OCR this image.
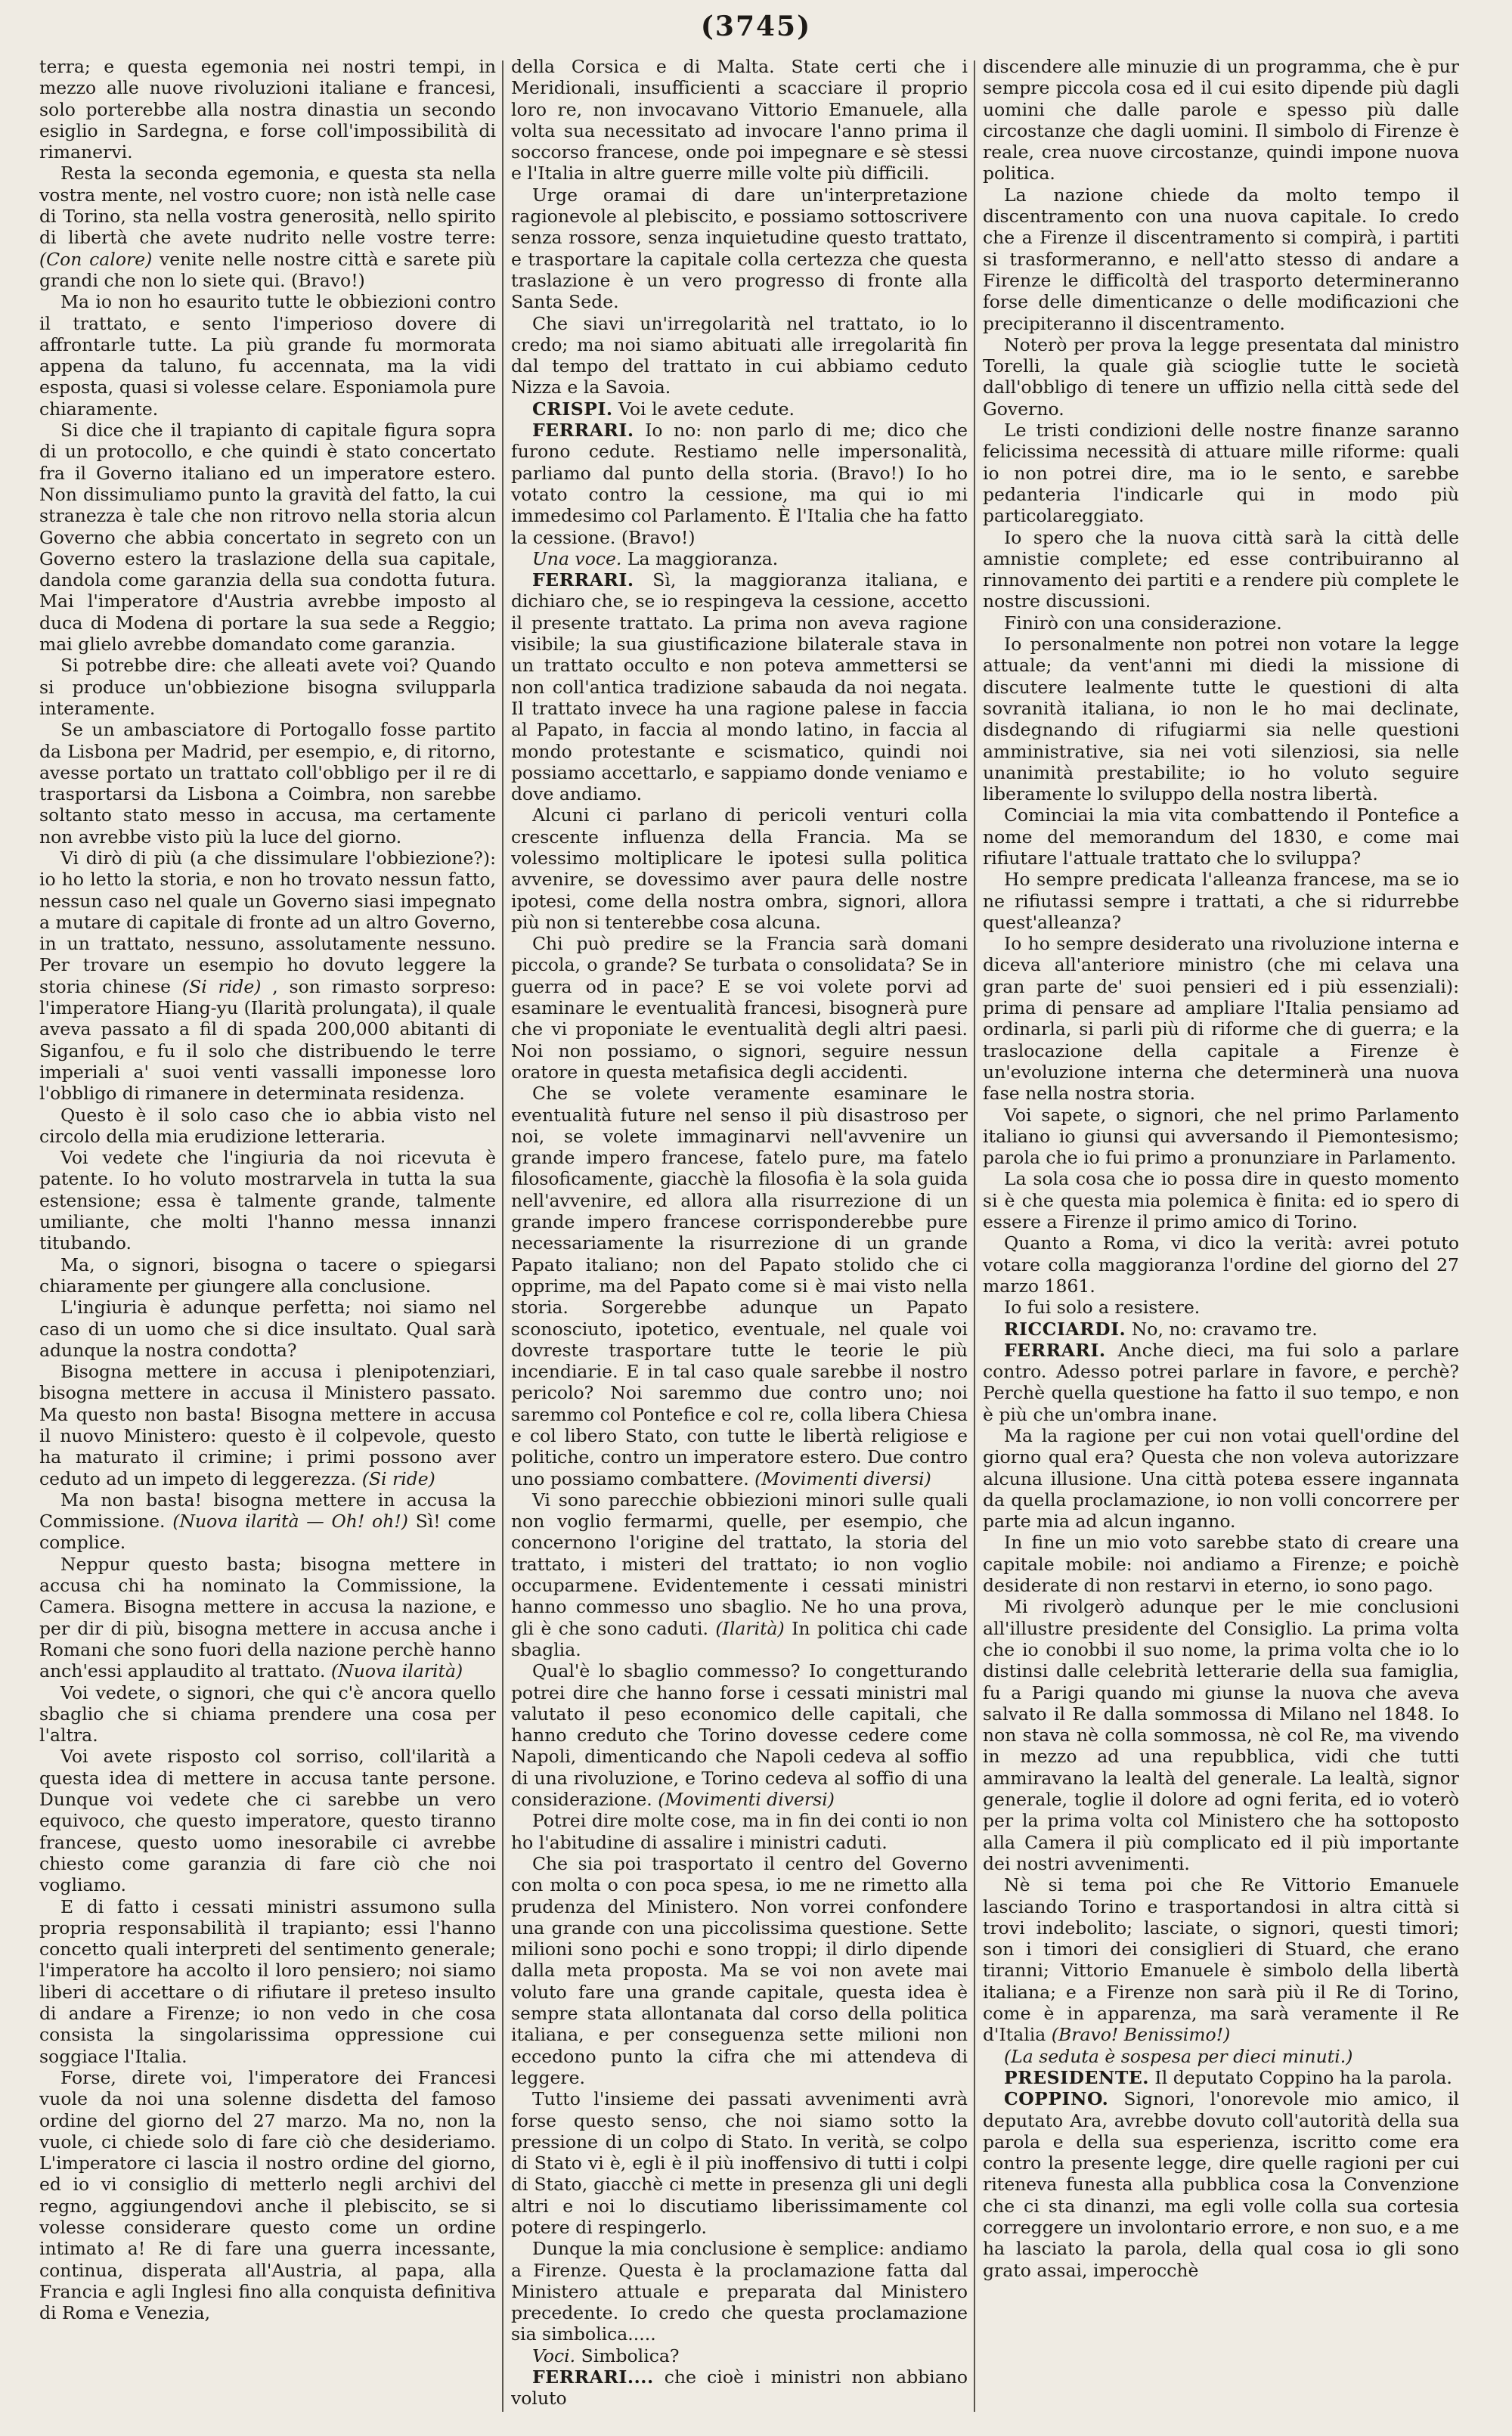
(3745)

terra; e questa egemonia nei nostri tempi, in mezzo alle nuove rivoluzioni italiane e francesi, solo porterebbe alla nostra dinastia un secondo esiglio in Sardegna, e forse coll'impossibilità di rimanervi.

Resta la seconda egemonia, e questa sta nella vostra mente, nel vostro cuore; non istà nelle case di Torino, sta nella vostra generosità, nello spirito di libertà che avete nudrito nelle vostre terre: (Con calore) venite nelle nostre città e sarete più grandi che non lo siete qui. (Bravo!)

Ma io non ho esaurito tutte le obbiezioni contro il trattato, e sento l'imperioso dovere di affrontarle tutte. La più grande fu mormorata appena da taluno, fu accennata, ma la vidi esposta, quasi si volesse celare. Esponiamola pure chiaramente.

Si dice che il trapianto di capitale figura sopra di un protocollo, e che quindi è stato concertato fra il Governo italiano ed un imperatore estero. Non dissimuliamo punto la gravità del fatto, la cui stranezza è tale che non ritrovo nella storia alcun Governo che abbia concertato in segreto con un Governo estero la traslazione della sua capitale, dandola come garanzia della sua condotta futura. Mai l'imperatore d'Austria avrebbe imposto al duca di Modena di portare la sua sede a Reggio; mai glielo avrebbe domandato come garanzia.

Si potrebbe dire: che alleati avete voi? Quando si produce un'obbiezione bisogna svilupparla interamente.

Se un ambasciatore di Portogallo fosse partito da Lisbona per Madrid, per esempio, e, di ritorno, avesse portato un trattato coll'obbligo per il re di trasportarsi da Lisbona a Coimbra, non sarebbe soltanto stato messo in accusa, ma certamente non avrebbe visto più la luce del giorno.

Vi dirò di più (a che dissimulare l'obbiezione?): io ho letto la storia, e non ho trovato nessun fatto, nessun caso nel quale un Governo siasi impegnato a mutare di capitale di fronte ad un altro Governo, in un trattato, nessuno, assolutamente nessuno. Per trovare un esempio ho dovuto leggere la storia chinese (Si ride) , son rimasto sorpreso: l'imperatore Hiang-yu (Ilarità prolungata), il quale aveva passato a fil di spada 200,000 abitanti di Siganfou, e fu il solo che distribuendo le terre imperiali a' suoi venti vassalli imponesse loro l'obbligo di rimanere in determinata residenza.

Questo è il solo caso che io abbia visto nel circolo della mia erudizione letteraria.

Voi vedete che l'ingiuria da noi ricevuta è patente. Io ho voluto mostrarvela in tutta la sua estensione; essa è talmente grande, talmente umiliante, che molti l'hanno messa innanzi titubando.

Ma, o signori, bisogna o tacere o spiegarsi chiaramente per giungere alla conclusione.

L'ingiuria è adunque perfetta; noi siamo nel caso di un uomo che si dice insultato. Qual sarà adunque la nostra condotta?

Bisogna mettere in accusa i plenipotenziari, bisogna mettere in accusa il Ministero passato. Ma questo non basta! Bisogna mettere in accusa il nuovo Ministero: questo è il colpevole, questo ha maturato il crimine; i primi possono aver ceduto ad un impeto di leggerezza. (Si ride)

Ma non basta! bisogna mettere in accusa la Commissione. (Nuova ilarità — Oh! oh!) Sì! come complice.

Neppur questo basta; bisogna mettere in accusa chi ha nominato la Commissione, la Camera. Bisogna mettere in accusa la nazione, e per dir di più, bisogna mettere in accusa anche i Romani che sono fuori della nazione perchè hanno anch'essi applaudito al trattato. (Nuova ilarità)

Voi vedete, o signori, che qui c'è ancora quello sbaglio che si chiama prendere una cosa per l'altra.

Voi avete risposto col sorriso, coll'ilarità a questa idea di mettere in accusa tante persone. Dunque voi vedete che ci sarebbe un vero equivoco, che questo imperatore, questo tiranno francese, questo uomo inesorabile ci avrebbe chiesto come garanzia di fare ciò che noi vogliamo.

E di fatto i cessati ministri assumono sulla propria responsabilità il trapianto; essi l'hanno concetto quali interpreti del sentimento generale; l'imperatore ha accolto il loro pensiero; noi siamo liberi di accettare o di rifiutare il preteso insulto di andare a Firenze; io non vedo in che cosa consista la singolarissima oppressione cui soggiace l'Italia.

Forse, direte voi, l'imperatore dei Francesi vuole da noi una solenne disdetta del famoso ordine del giorno del 27 marzo. Ma no, non la vuole, ci chiede solo di fare ciò che desideriamo. L'imperatore ci lascia il nostro ordine del giorno, ed io vi consiglio di metterlo negli archivi del regno, aggiungendovi anche il plebiscito, se si volesse considerare questo come un ordine intimato a! Re di fare una guerra incessante, continua, disperata all'Austria, al papa, alla Francia e agli Inglesi fino alla conquista definitiva di Roma e Venezia,

della Corsica e di Malta. State certi che i Meridionali, insufficienti a scacciare il proprio loro re, non invocavano Vittorio Emanuele, alla volta sua necessitato ad invocare l'anno prima il soccorso francese, onde poi impegnare e sè stessi e l'Italia in altre guerre mille volte più difficili.

Urge oramai di dare un'interpretazione ragionevole al plebiscito, e possiamo sottoscrivere senza rossore, senza inquietudine questo trattato, e trasportare la capitale colla certezza che questa traslazione è un vero progresso di fronte alla Santa Sede.

Che siavi un'irregolarità nel trattato, io lo credo; ma noi siamo abituati alle irregolarità fin dal tempo del trattato in cui abbiamo ceduto Nizza e la Savoia.

CRISPI. Voi le avete cedute.

FERRARI. Io no: non parlo di me; dico che furono cedute. Restiamo nelle impersonalità, parliamo dal punto della storia. (Bravo!) Io ho votato contro la cessione, ma qui io mi immedesimo col Parlamento. È l'Italia che ha fatto la cessione. (Bravo!)

Una voce. La maggioranza.

FERRARI. Sì, la maggioranza italiana, e dichiaro che, se io respingeva la cessione, accetto il presente trattato. La prima non aveva ragione visibile; la sua giustificazione bilaterale stava in un trattato occulto e non poteva ammettersi se non coll'antica tradizione sabauda da noi negata. Il trattato invece ha una ragione palese in faccia al Papato, in faccia al mondo latino, in faccia al mondo protestante e scismatico, quindi noi possiamo accettarlo, e sappiamo donde veniamo e dove andiamo.

Alcuni ci parlano di pericoli venturi colla crescente influenza della Francia. Ma se volessimo moltiplicare le ipotesi sulla politica avvenire, se dovessimo aver paura delle nostre ipotesi, come della nostra ombra, signori, allora più non si tenterebbe cosa alcuna.

Chi può predire se la Francia sarà domani piccola, o grande? Se turbata o consolidata? Se in guerra od in pace? E se voi volete porvi ad esaminare le eventualità francesi, bisognerà pure che vi proponiate le eventualità degli altri paesi. Noi non possiamo, o signori, seguire nessun oratore in questa metafisica degli accidenti.

Che se volete veramente esaminare le eventualità future nel senso il più disastroso per noi, se volete immaginarvi nell'avvenire un grande impero francese, fatelo pure, ma fatelo filosoficamente, giacchè la filosofia è la sola guida nell'avvenire, ed allora alla risurrezione di un grande impero francese corrisponderebbe pure necessariamente la risurrezione di un grande Papato italiano; non del Papato stolido che ci opprime, ma del Papato come si è mai visto nella storia. Sorgerebbe adunque un Papato sconosciuto, ipotetico, eventuale, nel quale voi dovreste trasportare tutte le teorie le più incendiarie. E in tal caso quale sarebbe il nostro pericolo? Noi saremmo due contro uno; noi saremmo col Pontefice e col re, colla libera Chiesa e col libero Stato, con tutte le libertà religiose e politiche, contro un imperatore estero. Due contro uno possiamo combattere. (Movimenti diversi)

Vi sono parecchie obbiezioni minori sulle quali non voglio fermarmi, quelle, per esempio, che concernono l'origine del trattato, la storia del trattato, i misteri del trattato; io non voglio occuparmene. Evidentemente i cessati ministri hanno commesso uno sbaglio. Ne ho una prova, gli è che sono caduti. (Ilarità) In politica chi cade sbaglia.

Qual'è lo sbaglio commesso? Io congetturando potrei dire che hanno forse i cessati ministri mal valutato il peso economico delle capitali, che hanno creduto che Torino dovesse cedere come Napoli, dimenticando che Napoli cedeva al soffio di una rivoluzione, e Torino cedeva al soffio di una considerazione. (Movimenti diversi)

Potrei dire molte cose, ma in fin dei conti io non ho l'abitudine di assalire i ministri caduti.

Che sia poi trasportato il centro del Governo con molta o con poca spesa, io me ne rimetto alla prudenza del Ministero. Non vorrei confondere una grande con una piccolissima questione. Sette milioni sono pochi e sono troppi; il dirlo dipende dalla meta proposta. Ma se voi non avete mai voluto fare una grande capitale, questa idea è sempre stata allontanata dal corso della politica italiana, e per conseguenza sette milioni non eccedono punto la cifra che mi attendeva di leggere.

Tutto l'insieme dei passati avvenimenti avrà forse questo senso, che noi siamo sotto la pressione di un colpo di Stato. In verità, se colpo di Stato vi è, egli è il più inoffensivo di tutti i colpi di Stato, giacchè ci mette in presenza gli uni degli altri e noi lo discutiamo liberissimamente col potere di respingerlo.

Dunque la mia conclusione è semplice: andiamo a Firenze. Questa è la proclamazione fatta dal Ministero attuale e preparata dal Ministero precedente. Io credo che questa proclamazione sia simbolica.....

Voci. Simbolica?

FERRARI.... che cioè i ministri non abbiano voluto

discendere alle minuzie di un programma, che è pur sempre piccola cosa ed il cui esito dipende più dagli uomini che dalle parole e spesso più dalle circostanze che dagli uomini. Il simbolo di Firenze è reale, crea nuove circostanze, quindi impone nuova politica.

La nazione chiede da molto tempo il discentramento con una nuova capitale. Io credo che a Firenze il discentramento si compirà, i partiti si trasformeranno, e nell'atto stesso di andare a Firenze le difficoltà del trasporto determineranno forse delle dimenticanze o delle modificazioni che precipiteranno il discentramento.

Noterò per prova la legge presentata dal ministro Torelli, la quale già scioglie tutte le società dall'obbligo di tenere un uffizio nella città sede del Governo.

Le tristi condizioni delle nostre finanze saranno felicissima necessità di attuare mille riforme: quali io non potrei dire, ma io le sento, e sarebbe pedanteria l'indicarle qui in modo più particolareggiato.

Io spero che la nuova città sarà la città delle amnistie complete; ed esse contribuiranno al rinnovamento dei partiti e a rendere più complete le nostre discussioni.

Finirò con una considerazione.

Io personalmente non potrei non votare la legge attuale; da vent'anni mi diedi la missione di discutere lealmente tutte le questioni di alta sovranità italiana, io non le ho mai declinate, disdegnando di rifugiarmi sia nelle questioni amministrative, sia nei voti silenziosi, sia nelle unanimità prestabilite; io ho voluto seguire liberamente lo sviluppo della nostra libertà.

Cominciai la mia vita combattendo il Pontefice a nome del memorandum del 1830, e come mai rifiutare l'attuale trattato che lo sviluppa?

Ho sempre predicata l'alleanza francese, ma se io ne rifiutassi sempre i trattati, a che si ridurrebbe quest'alleanza?

Io ho sempre desiderato una rivoluzione interna e diceva all'anteriore ministro (che mi celava una gran parte de' suoi pensieri ed i più essenziali): prima di pensare ad ampliare l'Italia pensiamo ad ordinarla, si parli più di riforme che di guerra; e la traslocazione della capitale a Firenze è un'evoluzione interna che determinerà una nuova fase nella nostra storia.

Voi sapete, o signori, che nel primo Parlamento italiano io giunsi qui avversando il Piemontesismo; parola che io fui primo a pronunziare in Parlamento.

La sola cosa che io possa dire in questo momento si è che questa mia polemica è finita: ed io spero di essere a Firenze il primo amico di Torino.

Quanto a Roma, vi dico la verità: avrei potuto votare colla maggioranza l'ordine del giorno del 27 marzo 1861.

Io fui solo a resistere.

RICCIARDI. No, no: cravamo tre.

FERRARI. Anche dieci, ma fui solo a parlare contro. Adesso potrei parlare in favore, e perchè? Perchè quella questione ha fatto il suo tempo, e non è più che un'ombra inane.

Ma la ragione per cui non votai quell'ordine del giorno qual era? Questa che non voleva autorizzare alcuna illusione. Una città potева essere ingannata da quella proclamazione, io non volli concorrere per parte mia ad alcun inganno.

In fine un mio voto sarebbe stato di creare una capitale mobile: noi andiamo a Firenze; e poichè desiderate di non restarvi in eterno, io sono pago.

Mi rivolgerò adunque per le mie conclusioni all'illustre presidente del Consiglio. La prima volta che io conobbi il suo nome, la prima volta che io lo distinsi dalle celebrità letterarie della sua famiglia, fu a Parigi quando mi giunse la nuova che aveva salvato il Re dalla sommossa di Milano nel 1848. Io non stava nè colla sommossa, nè col Re, ma vivendo in mezzo ad una repubblica, vidi che tutti ammiravano la lealtà del generale. La lealtà, signor generale, toglie il dolore ad ogni ferita, ed io voterò per la prima volta col Ministero che ha sottoposto alla Camera il più complicato ed il più importante dei nostri avvenimenti.

Nè si tema poi che Re Vittorio Emanuele lasciando Torino e trasportandosi in altra città si trovi indebolito; lasciate, o signori, questi timori; son i timori dei consiglieri di Stuard, che erano tiranni; Vittorio Emanuele è simbolo della libertà italiana; e a Firenze non sarà più il Re di Torino, come è in apparenza, ma sarà veramente il Re d'Italia (Bravo! Benissimo!)

(La seduta è sospesa per dieci minuti.)

PRESIDENTE. Il deputato Coppino ha la parola.

COPPINO. Signori, l'onorevole mio amico, il deputato Ara, avrebbe dovuto coll'autorità della sua parola e della sua esperienza, iscritto come era contro la presente legge, dire quelle ragioni per cui riteneva funesta alla pubblica cosa la Convenzione che ci sta dinanzi, ma egli volle colla sua cortesia correggere un involontario errore, e non suo, e a me ha lasciato la parola, della qual cosa io gli sono grato assai, imperocchè
